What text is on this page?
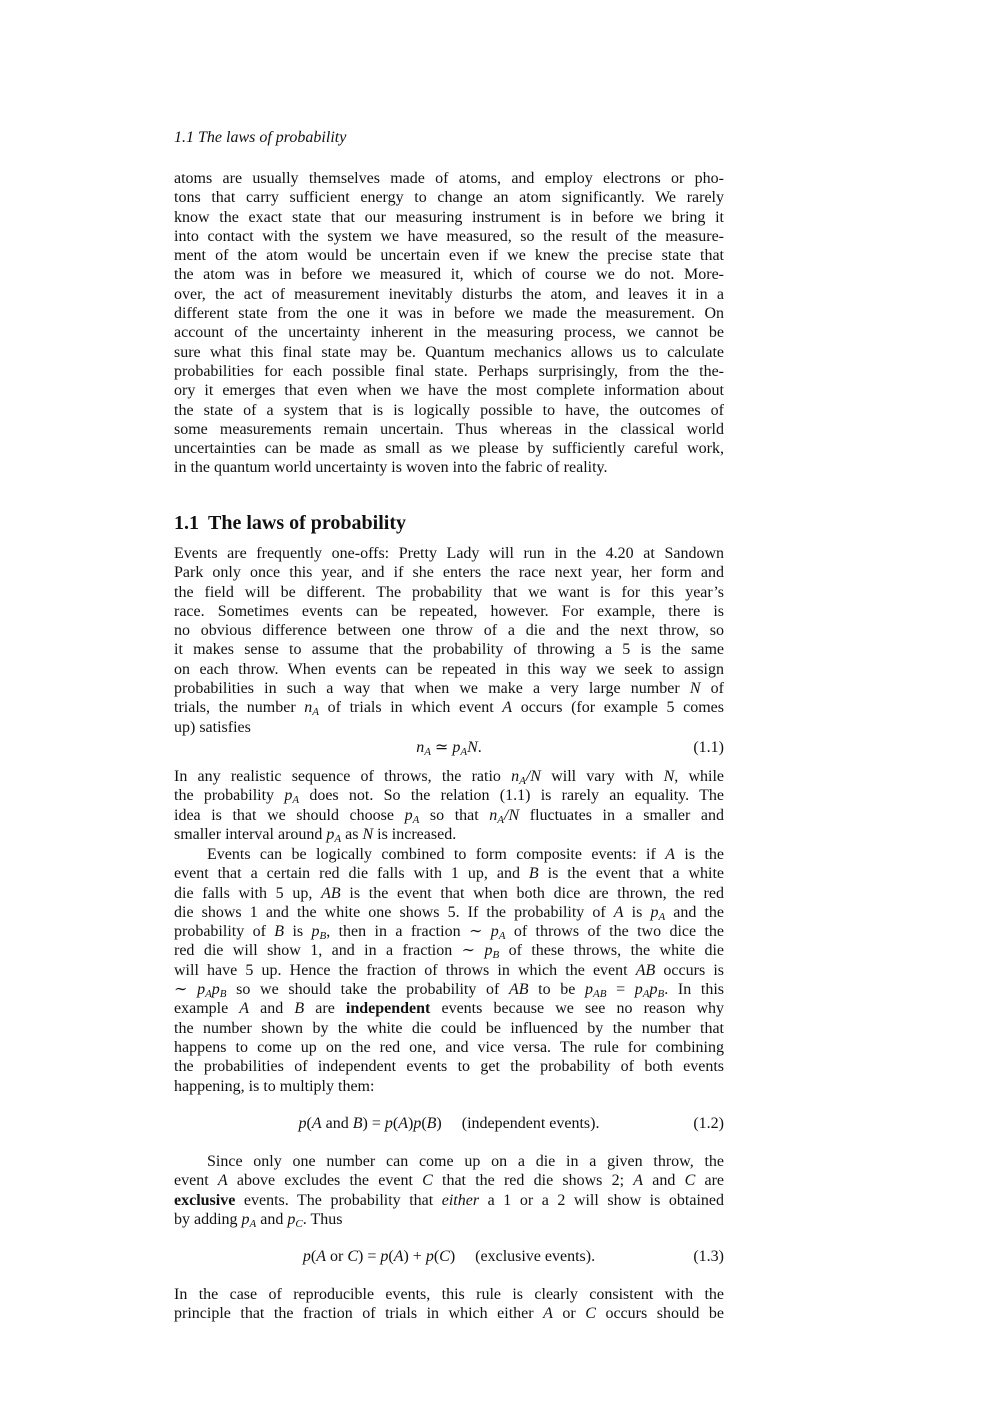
1.1 The laws of probability
atoms are usually themselves made of atoms, and employ electrons or pho-
tons that carry sufficient energy to change an atom significantly. We rarely
know the exact state that our measuring instrument is in before we bring it
into contact with the system we have measured, so the result of the measure-
ment of the atom would be uncertain even if we knew the precise state that
the atom was in before we measured it, which of course we do not. More-
over, the act of measurement inevitably disturbs the atom, and leaves it in a
different state from the one it was in before we made the measurement. On
account of the uncertainty inherent in the measuring process, we cannot be
sure what this final state may be. Quantum mechanics allows us to calculate
probabilities for each possible final state. Perhaps surprisingly, from the the-
ory it emerges that even when we have the most complete information about
the state of a system that is is logically possible to have, the outcomes of
some measurements remain uncertain. Thus whereas in the classical world
uncertainties can be made as small as we please by sufficiently careful work,
in the quantum world uncertainty is woven into the fabric of reality.
1.1 The laws of probability
Events are frequently one-offs: Pretty Lady will run in the 4.20 at Sandown
Park only once this year, and if she enters the race next year, her form and
the field will be different. The probability that we want is for this year’s
race. Sometimes events can be repeated, however. For example, there is
no obvious difference between one throw of a die and the next throw, so
it makes sense to assume that the probability of throwing a 5 is the same
on each throw. When events can be repeated in this way we seek to assign
probabilities in such a way that when we make a very large number N of
trials, the number $n_A$ of trials in which event A occurs (for example 5 comes
up) satisfies
$n_A$ ≃ $p_AN$.	(1.1)
In any realistic sequence of throws, the ratio $n_A/N$ will vary with N, while
the probability $p_A$ does not. So the relation (1.1) is rarely an equality. The
idea is that we should choose $p_A$ so that $n_A/N$ fluctuates in a smaller and
smaller interval around $p_A$ as N is increased.
Events can be logically combined to form composite events: if A is the
event that a certain red die falls with 1 up, and B is the event that a white
die falls with 5 up, AB is the event that when both dice are thrown, the red
die shows 1 and the white one shows 5. If the probability of A is $p_A$ and the
probability of B is $p_B$, then in a fraction ∼ $p_A$ of throws of the two dice the
red die will show 1, and in a fraction ∼ $p_B$ of these throws, the white die
will have 5 up. Hence the fraction of throws in which the event AB occurs is
∼ $p_Ap_B$ so we should take the probability of AB to be $p_{AB} = p_Ap_B$. In this
example A and B are independent events because we see no reason why
the number shown by the white die could be influenced by the number that
happens to come up on the red one, and vice versa. The rule for combining
the probabilities of independent events to get the probability of both events
happening, is to multiply them:
p(A and B) = p(A)p(B)     (independent events).	(1.2)
Since only one number can come up on a die in a given throw, the
event A above excludes the event C that the red die shows 2; A and C are
exclusive events. The probability that either a 1 or a 2 will show is obtained
by adding $p_A$ and $p_C$. Thus
p(A or C) = p(A) + p(C)     (exclusive events).	(1.3)
In the case of reproducible events, this rule is clearly consistent with the
principle that the fraction of trials in which either A or C occurs should be
